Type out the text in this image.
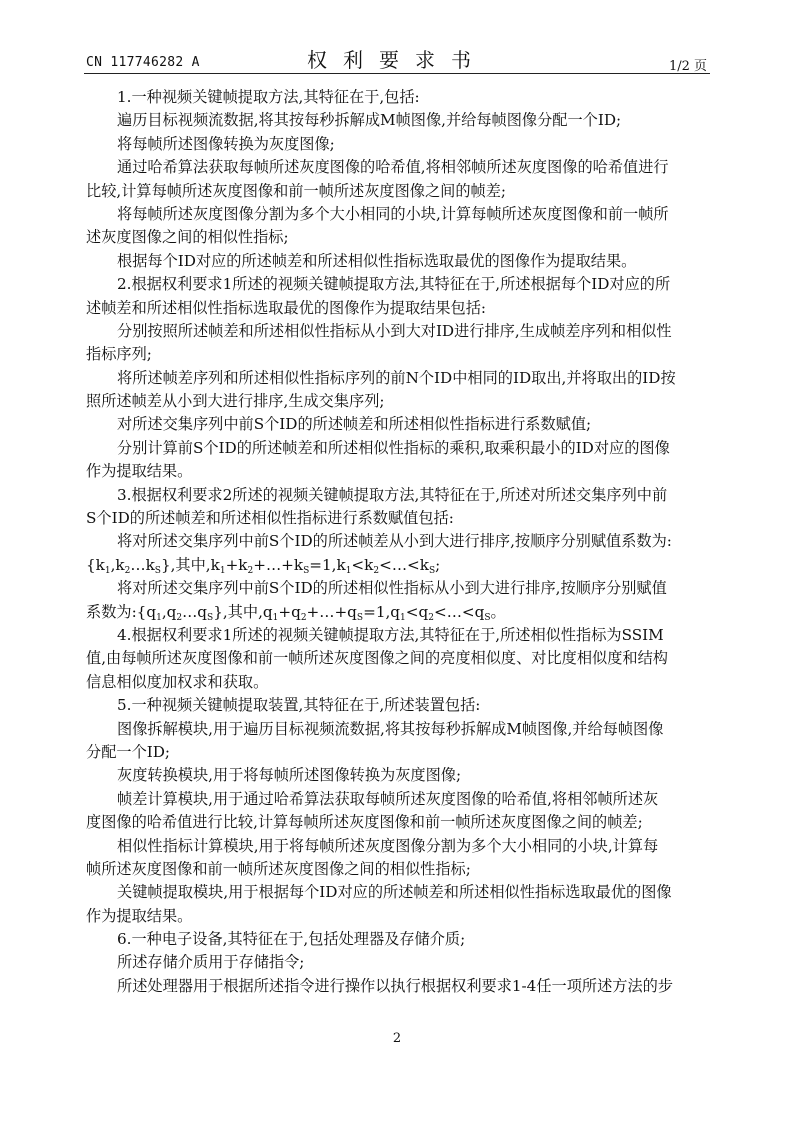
CN 117746282 A	权利要求书	1/2 页
1.一种视频关键帧提取方法,其特征在于,包括:
遍历目标视频流数据,将其按每秒拆解成M帧图像,并给每帧图像分配一个ID;
将每帧所述图像转换为灰度图像;
通过哈希算法获取每帧所述灰度图像的哈希值,将相邻帧所述灰度图像的哈希值进行
比较,计算每帧所述灰度图像和前一帧所述灰度图像之间的帧差;
将每帧所述灰度图像分割为多个大小相同的小块,计算每帧所述灰度图像和前一帧所
述灰度图像之间的相似性指标;
根据每个ID对应的所述帧差和所述相似性指标选取最优的图像作为提取结果。
2.根据权利要求1所述的视频关键帧提取方法,其特征在于,所述根据每个ID对应的所
述帧差和所述相似性指标选取最优的图像作为提取结果包括:
分别按照所述帧差和所述相似性指标从小到大对ID进行排序,生成帧差序列和相似性
指标序列;
将所述帧差序列和所述相似性指标序列的前N个ID中相同的ID取出,并将取出的ID按
照所述帧差从小到大进行排序,生成交集序列;
对所述交集序列中前S个ID的所述帧差和所述相似性指标进行系数赋值;
分别计算前S个ID的所述帧差和所述相似性指标的乘积,取乘积最小的ID对应的图像
作为提取结果。
3.根据权利要求2所述的视频关键帧提取方法,其特征在于,所述对所述交集序列中前
S个ID的所述帧差和所述相似性指标进行系数赋值包括:
将对所述交集序列中前S个ID的所述帧差从小到大进行排序,按顺序分别赋值系数为:
$\{k_1,k_2\dots k_S\}$,其中$,k_1+k_2+\dots+k_S=1,k_1<k_2<\dots<k_S$;
将对所述交集序列中前S个ID的所述相似性指标从小到大进行排序,按顺序分别赋值
系数为$:\{q_1,q_2\dots q_S\}$,其中$,q_1+q_2+\dots+q_S=1,q_1<q_2<\dots<q_S$。
4.根据权利要求1所述的视频关键帧提取方法,其特征在于,所述相似性指标为SSIM
值,由每帧所述灰度图像和前一帧所述灰度图像之间的亮度相似度、对比度相似度和结构
信息相似度加权求和获取。
5.一种视频关键帧提取装置,其特征在于,所述装置包括:
图像拆解模块,用于遍历目标视频流数据,将其按每秒拆解成M帧图像,并给每帧图像
分配一个ID;
灰度转换模块,用于将每帧所述图像转换为灰度图像;
帧差计算模块,用于通过哈希算法获取每帧所述灰度图像的哈希值,将相邻帧所述灰
度图像的哈希值进行比较,计算每帧所述灰度图像和前一帧所述灰度图像之间的帧差;
相似性指标计算模块,用于将每帧所述灰度图像分割为多个大小相同的小块,计算每
帧所述灰度图像和前一帧所述灰度图像之间的相似性指标;
关键帧提取模块,用于根据每个ID对应的所述帧差和所述相似性指标选取最优的图像
作为提取结果。
6.一种电子设备,其特征在于,包括处理器及存储介质;
所述存储介质用于存储指令;
所述处理器用于根据所述指令进行操作以执行根据权利要求1-4任一项所述方法的步
2
